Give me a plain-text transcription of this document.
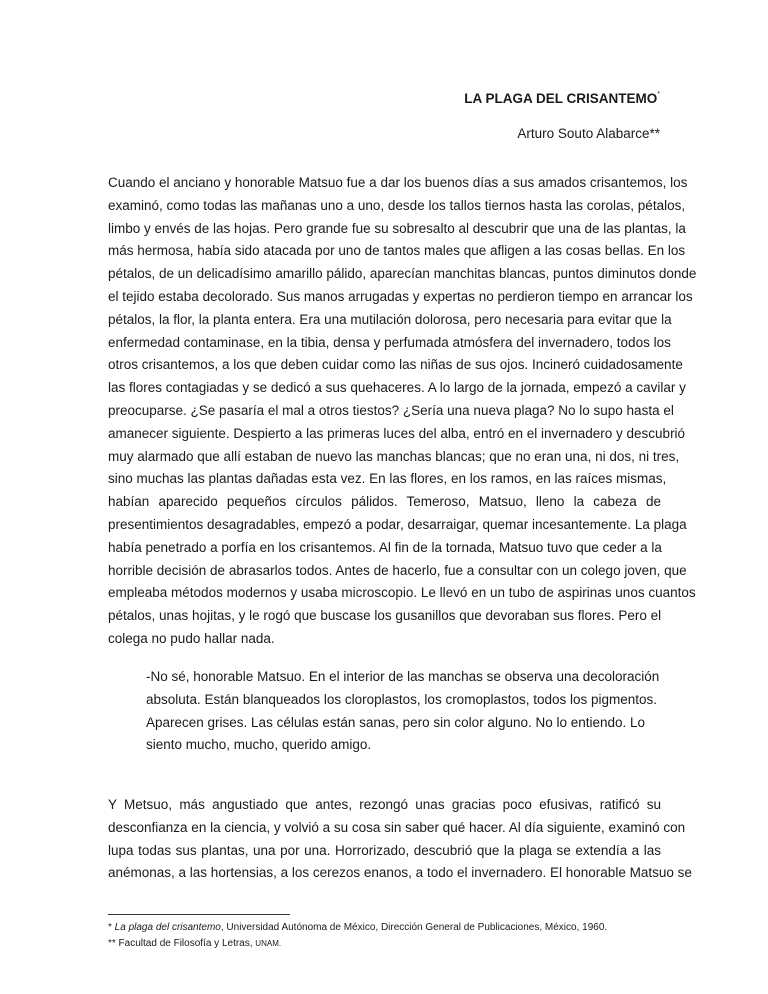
LA PLAGA DEL CRISANTEMO*
Arturo Souto Alabarce**
Cuando el anciano y honorable Matsuo fue a dar los buenos días a sus amados crisantemos, los
examinó, como todas las mañanas uno a uno, desde los tallos tiernos hasta las corolas, pétalos,
limbo y envés de las hojas. Pero grande fue su sobresalto al descubrir que una de las plantas, la
más hermosa, había sido atacada por uno de tantos males que afligen a las cosas bellas. En los
pétalos, de un delicadísimo amarillo pálido, aparecían manchitas blancas, puntos diminutos donde
el tejido estaba decolorado. Sus manos arrugadas y expertas no perdieron tiempo en arrancar los
pétalos, la flor, la planta entera. Era una mutilación dolorosa, pero necesaria para evitar que la
enfermedad contaminase, en la tibia, densa y perfumada atmósfera del invernadero, todos los
otros crisantemos, a los que deben cuidar como las niñas de sus ojos. Incineró cuidadosamente
las flores contagiadas y se dedicó a sus quehaceres. A lo largo de la jornada, empezó a cavilar y
preocuparse. ¿Se pasaría el mal a otros tiestos? ¿Sería una nueva plaga? No lo supo hasta el
amanecer siguiente. Despierto a las primeras luces del alba, entró en el invernadero y descubrió
muy alarmado que allí estaban de nuevo las manchas blancas; que no eran una, ni dos, ni tres,
sino muchas las plantas dañadas esta vez. En las flores, en los ramos, en las raíces mismas,
habían aparecido pequeños círculos pálidos. Temeroso, Matsuo, lleno la cabeza de
presentimientos desagradables, empezó a podar, desarraigar, quemar incesantemente. La plaga
había penetrado a porfía en los crisantemos. Al fin de la tornada, Matsuo tuvo que ceder a la
horrible decisión de abrasarlos todos. Antes de hacerlo, fue a consultar con un colego joven, que
empleaba métodos modernos y usaba microscopio. Le llevó en un tubo de aspirinas unos cuantos
pétalos, unas hojitas, y le rogó que buscase los gusanillos que devoraban sus flores. Pero el
colega no pudo hallar nada.
-No sé, honorable Matsuo. En el interior de las manchas se observa una decoloración
absoluta. Están blanqueados los cloroplastos, los cromoplastos, todos los pigmentos.
Aparecen grises. Las células están sanas, pero sin color alguno. No lo entiendo. Lo
siento mucho, mucho, querido amigo.
Y Metsuo, más angustiado que antes, rezongó unas gracias poco efusivas, ratificó su
desconfianza en la ciencia, y volvió a su cosa sin saber qué hacer. Al día siguiente, examinó con
lupa todas sus plantas, una por una. Horrorizado, descubrió que la plaga se extendía a las
anémonas, a las hortensias, a los cerezos enanos, a todo el invernadero. El honorable Matsuo se
* La plaga del crisantemo, Universidad Autónoma de México, Dirección General de Publicaciones, México, 1960.
** Facultad de Filosofía y Letras, UNAM.
